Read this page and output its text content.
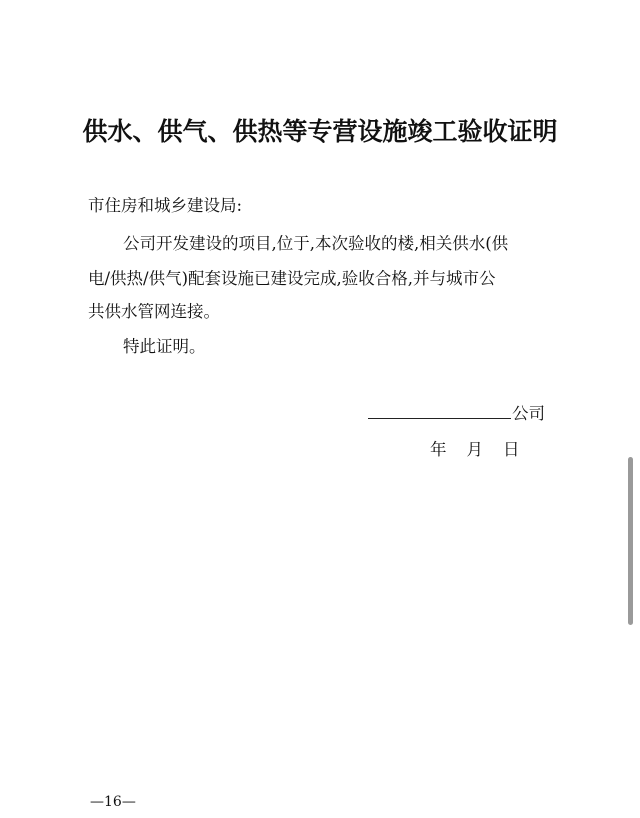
供水、供气、供热等专营设施竣工验收证明
市住房和城乡建设局:
公司开发建设的项目,位于,本次验收的楼,相关供水(供
电/供热/供气)配套设施已建设完成,验收合格,并与城市公
共供水管网连接。
特此证明。
公司
年 月 日
—16—
